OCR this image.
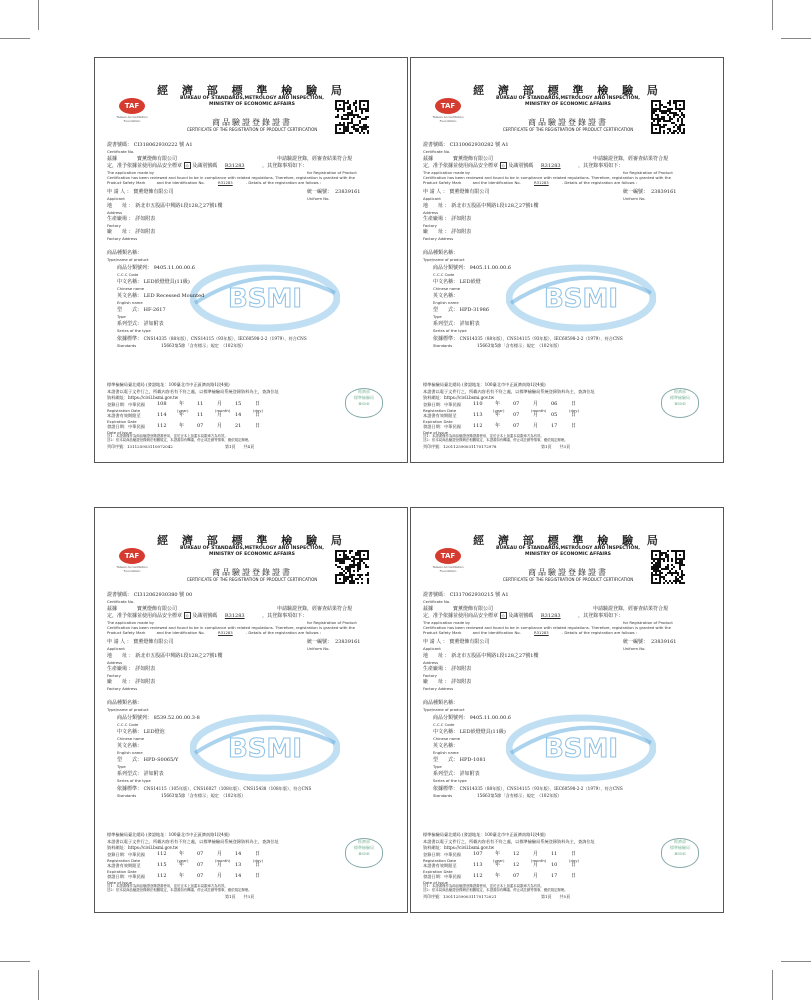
TAF
Taiwan Accreditation Foundation
經 濟 部 標 準 檢 驗 局
BUREAU OF STANDARDS,METROLOGY AND INSPECTION,
MINISTRY OF ECONOMIC AFFAIRS
商品驗證登錄證書
CERTIFICATE OF THE REGISTRATION OF PRODUCT CERTIFICATION
證書號碼： CI318062930222 號 A1
Certificate No.
茲據　　　　寶薰燈飾有限公司	申請驗證登錄，經審查結果符合規
定，准予依據並使用商品安全標章 ◇ 及識別號碼 R31283	，其登錄事項如下：
The application made by	for Registration of Product
Certification has been reviewed and found to be in compliance with related regulations. Therefore, registration is granted with the
Product Safety Mark	and the Identification No.	R31283	. Details of the registration are follows :
申 請 人 ： 寶薰燈飾有限公司	統一編號： 23839161
Applicant	Uniform No.
地　　址 ： 新北市五股區中興路1段128之27號1樓
Address
生產廠場 ： 詳如附表
Factory
廠　　址 ： 詳如附表
Factory Address
商品種類名稱：
Type/name of product
BSMI
商品分類號列： 9405.11.00.00.6
C.C.C Code
中文名稱： LED嵌燈燈具(11級)
Chinese name
英文名稱： LED Recessed Mounted
English name
型　　式： HF-2617
Type
系列型式： 詳如附表
Series of the type
依據標準： CNS14335（88年版）、CNS14115（93年版）、IEC60598-2-2（1979）、符合CNS
Standards	15663第5節「含有標示」規定　（102年版）
標準檢驗局臺北總局 (發證地址：100臺北市中正區濟南路1段4號)
本證書以電子文件行之，所載內容若有不符之處，以標準檢驗局系統登錄資料為主，查詢位址
資料網址：https://civil.bsmi.gov.tw
登錄日期：中華民國 108 年	11	月	15	日
Registration Date	(year)	(month)	(day)
本證書有效期限至	114 年	11	月	14	日
Expiration Date
發證日期：中華民國 112 年	07	月	21	日
Date of Issue
註1：本證書僅作為商品驗證登錄證書使用，並於正本上加蓋本局戳章方為有效。
註2：依本局商品驗證登錄辦法相關規定，本證書如有轉讓、停止或註銷等情事，應依規定辦理。
經濟部
標準檢驗局
BSMI
列印序號：131125953110072042	第1頁　　共4頁
TAF
Taiwan Accreditation Foundation
經 濟 部 標 準 檢 驗 局
BUREAU OF STANDARDS,METROLOGY AND INSPECTION,
MINISTRY OF ECONOMIC AFFAIRS
商品驗證登錄證書
CERTIFICATE OF THE REGISTRATION OF PRODUCT CERTIFICATION
證書號碼： CI310062930282 號 A1
Certificate No.
茲據　　　　寶薰燈飾有限公司	申請驗證登錄，經審查結果符合規
定，准予依據並使用商品安全標章 ◇ 及識別號碼 R31283	，其登錄事項如下：
The application made by	for Registration of Product
Certification has been reviewed and found to be in compliance with related regulations. Therefore, registration is granted with the
Product Safety Mark	and the Identification No.	R31283	. Details of the registration are follows :
申 請 人 ： 寶薰燈飾有限公司	統一編號： 23839161
Applicant	Uniform No.
地　　址 ： 新北市五股區中興路1段128之27號1樓
Address
生產廠場 ： 詳如附表
Factory
廠　　址 ： 詳如附表
Factory Address
商品種類名稱：
Type/name of product
BSMI
商品分類號列： 9405.11.00.00.6
C.C.C Code
中文名稱： LED嵌燈
Chinese name
英文名稱：
English name
型　　式： HPD-31986
Type
系列型式： 詳如附表
Series of the type
依據標準： CNS14335（88年版）、CNS14115（93年版）、IEC60598-2-2（1979）、符合CNS
Standards	15663第5節「含有標示」規定　（102年版）
標準檢驗局臺北總局 (發證地址：100臺北市中正區濟南路1段4號)
本證書以電子文件行之，所載內容若有不符之處，以標準檢驗局系統登錄資料為主，查詢位址
資料網址：https://civil.bsmi.gov.tw
登錄日期：中華民國 110 年	07	月	06	日
Registration Date	(year)	(month)	(day)
本證書有效期限至	113 年	07	月	05	日
Expiration Date
發證日期：中華民國 112 年	07	月	17	日
Date of Issue
註1：本證書僅作為商品驗證登錄證書使用，並於正本上加蓋本局戳章方為有效。
註2：依本局商品驗證登錄辦法相關規定，本證書如有轉讓、停止或註銷等情事，應依規定辦理。
經濟部
標準檢驗局
BSMI
列印序號：120112590031170172978	第1頁　　共3頁
TAF
Taiwan Accreditation Foundation
經 濟 部 標 準 檢 驗 局
BUREAU OF STANDARDS,METROLOGY AND INSPECTION,
MINISTRY OF ECONOMIC AFFAIRS
商品驗證登錄證書
CERTIFICATE OF THE REGISTRATION OF PRODUCT CERTIFICATION
證書號碼： CI312062930380 號 00
Certificate No.
茲據　　　　寶薰燈飾有限公司	申請驗證登錄，經審查結果符合規
定，准予依據並使用商品安全標章 ◇ 及識別號碼 R31283	，其登錄事項如下：
The application made by	for Registration of Product
Certification has been reviewed and found to be in compliance with related regulations. Therefore, registration is granted with the
Product Safety Mark	and the Identification No.	R31283	. Details of the registration are follows :
申 請 人 ： 寶薰燈飾有限公司	統一編號： 23839161
Applicant	Uniform No.
地　　址 ： 新北市五股區中興路1段128之27號1樓
Address
生產廠場 ： 詳如附表
Factory
廠　　址 ： 詳如附表
Factory Address
商品種類名稱：
Type/name of product
BSMI
商品分類號列： 8539.52.00.00.3-8
C.C.C Code
中文名稱： LED燈泡
Chinese name
英文名稱：
English name
型　　式： HPD-S0065/Y
Type
系列型式： 詳如附表
Series of the type
依據標準： CNS14115（105年版）、CNS16027（108年版）、CNS15438（108年版）、符合CNS
Standards	15663第5節「含有標示」規定　（102年版）
標準檢驗局臺北總局 (發證地址：100臺北市中正區濟南路1段4號)
本證書以電子文件行之，所載內容若有不符之處，以標準檢驗局系統登錄資料為主，查詢位址
資料網址：https://civil.bsmi.gov.tw
登錄日期：中華民國 112 年	07	月	14	日
Registration Date	(year)	(month)	(day)
本證書有效期限至	115 年	07	月	13	日
Expiration Date
發證日期：中華民國 112 年	07	月	14	日
Date of Issue
註1：本證書僅作為商品驗證登錄證書使用，並於正本上加蓋本局戳章方為有效。
註2：依本局商品驗證登錄辦法相關規定，本證書如有轉讓、停止或註銷等情事，應依規定辦理。
經濟部
標準檢驗局
BSMI
第1頁　　共3頁
TAF
Taiwan Accreditation Foundation
經 濟 部 標 準 檢 驗 局
BUREAU OF STANDARDS,METROLOGY AND INSPECTION,
MINISTRY OF ECONOMIC AFFAIRS
商品驗證登錄證書
CERTIFICATE OF THE REGISTRATION OF PRODUCT CERTIFICATION
證書號碼： CI317062930215 號 A1
Certificate No.
茲據　　　　寶薰燈飾有限公司	申請驗證登錄，經審查結果符合規
定，准予依據並使用商品安全標章 ◇ 及識別號碼 R31283	，其登錄事項如下：
The application made by	for Registration of Product
Certification has been reviewed and found to be in compliance with related regulations. Therefore, registration is granted with the
Product Safety Mark	and the Identification No.	R31283	. Details of the registration are follows :
申 請 人 ： 寶薰燈飾有限公司	統一編號： 23839161
Applicant	Uniform No.
地　　址 ： 新北市五股區中興路1段128之27號1樓
Address
生產廠場 ： 詳如附表
Factory
廠　　址 ： 詳如附表
Factory Address
商品種類名稱：
Type/name of product
BSMI
商品分類號列： 9405.11.00.00.6
C.C.C Code
中文名稱： LED嵌燈燈具(11級)
Chinese name
英文名稱：
English name
型　　式： HPD-1081
Type
系列型式： 詳如附表
Series of the type
依據標準： CNS14335（88年版）、CNS14115（93年版）、IEC60598-2-2（1979）、符合CNS
Standards	15663第5節「含有標示」規定　（102年版）
標準檢驗局臺北總局 (發證地址：100臺北市中正區濟南路1段4號)
本證書以電子文件行之，所載內容若有不符之處，以標準檢驗局系統登錄資料為主，查詢位址
資料網址：https://civil.bsmi.gov.tw
登錄日期：中華民國 107 年	12	月	11	日
Registration Date	(year)	(month)	(day)
本證書有效期限至	113 年	12	月	10	日
Expiration Date
發證日期：中華民國 112 年	07	月	17	日
Date of Issue
註1：本證書僅作為商品驗證登錄證書使用，並於正本上加蓋本局戳章方為有效。
註2：依本局商品驗證登錄辦法相關規定，本證書如有轉讓、停止或註銷等情事，應依規定辦理。
經濟部
標準檢驗局
BSMI
列印序號：130112590031170172021	第1頁　　共5頁
